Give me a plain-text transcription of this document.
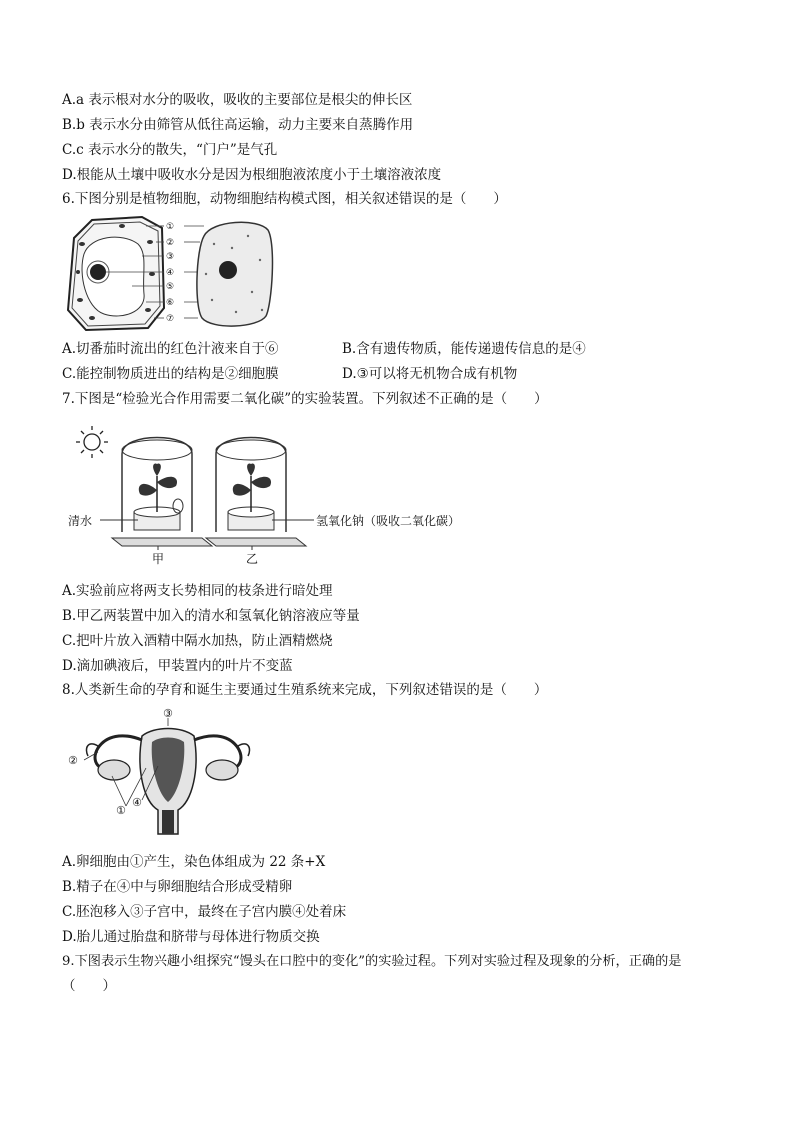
A.a 表示根对水分的吸收，吸收的主要部位是根尖的伸长区
B.b 表示水分由筛管从低往高运输，动力主要来自蒸腾作用
C.c 表示水分的散失，“门户”是气孔
D.根能从土壤中吸收水分是因为根细胞液浓度小于土壤溶液浓度
6.下图分别是植物细胞，动物细胞结构模式图，相关叙述错误的是（　　）
①
②
③
④
⑤
⑥
⑦
A.切番茄时流出的红色汁液来自于⑥	B.含有遗传物质，能传递遗传信息的是④
C.能控制物质进出的结构是②细胞膜	D.③可以将无机物合成有机物
7.下图是“检验光合作用需要二氧化碳”的实验装置。下列叙述不正确的是（　　）
清水	氢氧化钠（吸收二氧化碳）
甲	乙
A.实验前应将两支长势相同的枝条进行暗处理
B.甲乙两装置中加入的清水和氢氧化钠溶液应等量
C.把叶片放入酒精中隔水加热，防止酒精燃烧
D.滴加碘液后，甲装置内的叶片不变蓝
8.人类新生命的孕育和诞生主要通过生殖系统来完成，下列叙述错误的是（　　）
③
②
①
④
A.卵细胞由①产生，染色体组成为 22 条+X
B.精子在④中与卵细胞结合形成受精卵
C.胚泡移入③子宫中，最终在子宫内膜④处着床
D.胎儿通过胎盘和脐带与母体进行物质交换
9.下图表示生物兴趣小组探究“馒头在口腔中的变化”的实验过程。下列对实验过程及现象的分析，正确的是
（　　）
